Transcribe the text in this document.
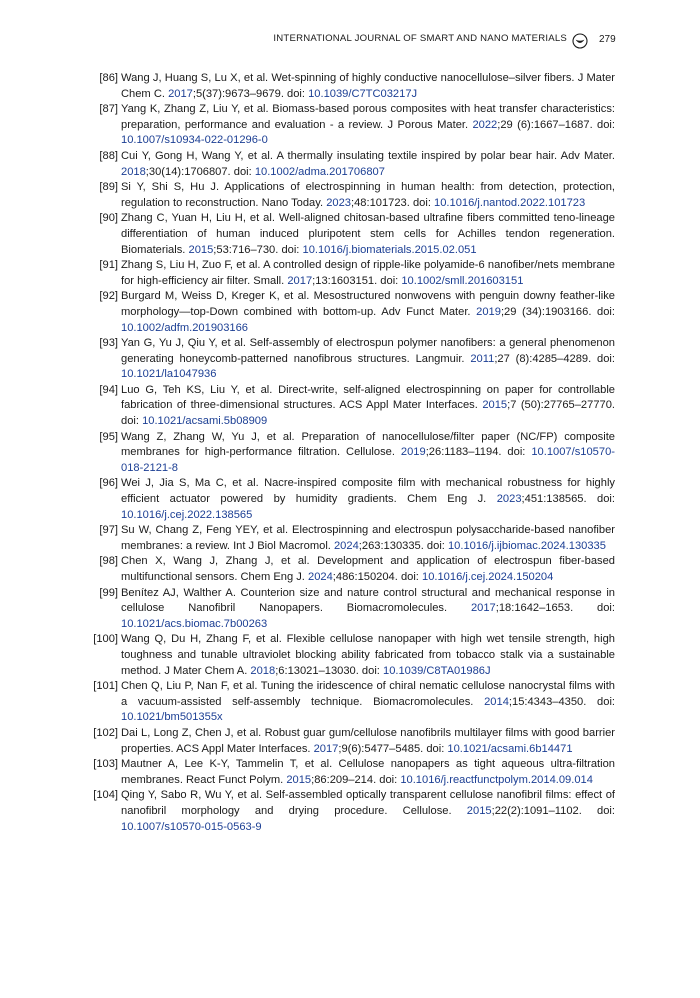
INTERNATIONAL JOURNAL OF SMART AND NANO MATERIALS	279
[86] Wang J, Huang S, Lu X, et al. Wet-spinning of highly conductive nanocellulose–silver fibers. J Mater Chem C. 2017;5(37):9673–9679. doi: 10.1039/C7TC03217J
[87] Yang K, Zhang Z, Liu Y, et al. Biomass-based porous composites with heat transfer characteristics: preparation, performance and evaluation - a review. J Porous Mater. 2022;29 (6):1667–1687. doi: 10.1007/s10934-022-01296-0
[88] Cui Y, Gong H, Wang Y, et al. A thermally insulating textile inspired by polar bear hair. Adv Mater. 2018;30(14):1706807. doi: 10.1002/adma.201706807
[89] Si Y, Shi S, Hu J. Applications of electrospinning in human health: from detection, protection, regulation to reconstruction. Nano Today. 2023;48:101723. doi: 10.1016/j.nantod.2022.101723
[90] Zhang C, Yuan H, Liu H, et al. Well-aligned chitosan-based ultrafine fibers committed teno-lineage differentiation of human induced pluripotent stem cells for Achilles tendon regeneration. Biomaterials. 2015;53:716–730. doi: 10.1016/j.biomaterials.2015.02.051
[91] Zhang S, Liu H, Zuo F, et al. A controlled design of ripple-like polyamide-6 nanofiber/nets membrane for high-efficiency air filter. Small. 2017;13:1603151. doi: 10.1002/smll.201603151
[92] Burgard M, Weiss D, Kreger K, et al. Mesostructured nonwovens with penguin downy feather-like morphology—top-Down combined with bottom-up. Adv Funct Mater. 2019;29 (34):1903166. doi: 10.1002/adfm.201903166
[93] Yan G, Yu J, Qiu Y, et al. Self-assembly of electrospun polymer nanofibers: a general phenomenon generating honeycomb-patterned nanofibrous structures. Langmuir. 2011;27 (8):4285–4289. doi: 10.1021/la1047936
[94] Luo G, Teh KS, Liu Y, et al. Direct-write, self-aligned electrospinning on paper for controllable fabrication of three-dimensional structures. ACS Appl Mater Interfaces. 2015;7 (50):27765–27770. doi: 10.1021/acsami.5b08909
[95] Wang Z, Zhang W, Yu J, et al. Preparation of nanocellulose/filter paper (NC/FP) composite membranes for high-performance filtration. Cellulose. 2019;26:1183–1194. doi: 10.1007/s10570-018-2121-8
[96] Wei J, Jia S, Ma C, et al. Nacre-inspired composite film with mechanical robustness for highly efficient actuator powered by humidity gradients. Chem Eng J. 2023;451:138565. doi: 10.1016/j.cej.2022.138565
[97] Su W, Chang Z, Feng YEY, et al. Electrospinning and electrospun polysaccharide-based nanofiber membranes: a review. Int J Biol Macromol. 2024;263:130335. doi: 10.1016/j.ijbiomac.2024.130335
[98] Chen X, Wang J, Zhang J, et al. Development and application of electrospun fiber-based multifunctional sensors. Chem Eng J. 2024;486:150204. doi: 10.1016/j.cej.2024.150204
[99] Benítez AJ, Walther A. Counterion size and nature control structural and mechanical response in cellulose Nanofibril Nanopapers. Biomacromolecules. 2017;18:1642–1653. doi: 10.1021/acs.biomac.7b00263
[100] Wang Q, Du H, Zhang F, et al. Flexible cellulose nanopaper with high wet tensile strength, high toughness and tunable ultraviolet blocking ability fabricated from tobacco stalk via a sustainable method. J Mater Chem A. 2018;6:13021–13030. doi: 10.1039/C8TA01986J
[101] Chen Q, Liu P, Nan F, et al. Tuning the iridescence of chiral nematic cellulose nanocrystal films with a vacuum-assisted self-assembly technique. Biomacromolecules. 2014;15:4343–4350. doi: 10.1021/bm501355x
[102] Dai L, Long Z, Chen J, et al. Robust guar gum/cellulose nanofibrils multilayer films with good barrier properties. ACS Appl Mater Interfaces. 2017;9(6):5477–5485. doi: 10.1021/acsami.6b14471
[103] Mautner A, Lee K-Y, Tammelin T, et al. Cellulose nanopapers as tight aqueous ultra-filtration membranes. React Funct Polym. 2015;86:209–214. doi: 10.1016/j.reactfunctpolym.2014.09.014
[104] Qing Y, Sabo R, Wu Y, et al. Self-assembled optically transparent cellulose nanofibril films: effect of nanofibril morphology and drying procedure. Cellulose. 2015;22(2):1091–1102. doi: 10.1007/s10570-015-0563-9
